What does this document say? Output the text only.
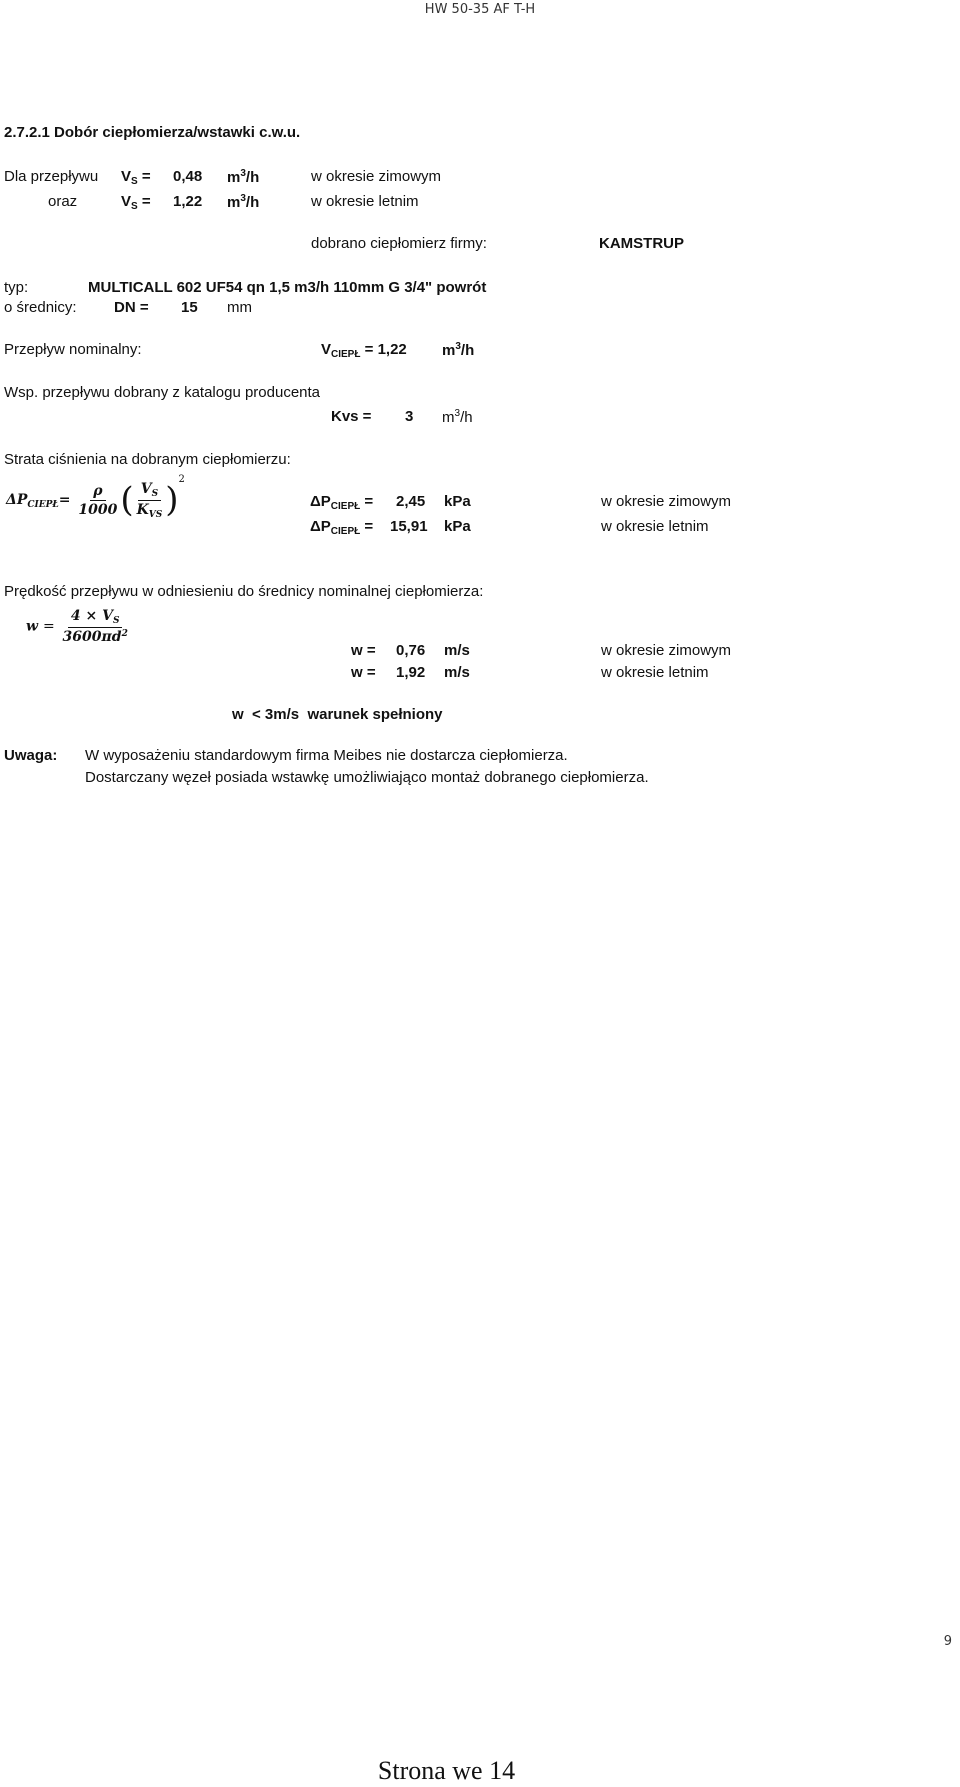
HW 50-35 AF T-H
2.7.2.1 Dobór ciepłomierza/wstawki c.w.u.
Dla przepływu $V_S = 0,48$ $m^3/h$	w okresie zimowym
oraz	$V_S = 1,22$ $m^3/h$	w okresie letnim
dobrano ciepłomierz firmy:	KAMSTRUP
typ:	MULTICALL 602 UF54 qn 1,5 m3/h 110mm G 3/4" powrót
o średnicy: DN = 15 mm
Przepływ nominalny:	$V_{CIEPŁ} = 1,22$ $m^3/h$
Wsp. przepływu dobrany z katalogu producenta
Kvs = 3 $m^3/h$
Strata ciśnienia na dobranym ciepłomierzu:
$\Delta P_{CIEPŁ}= \frac{\rho}{1000}$ ( $\frac{V_S}{K_{VS}} )^2$
$\Delta P_{CIEPŁ} = 2,45$ kPa	w okresie zimowym
$\Delta P_{CIEPŁ} = 15,91$ kPa	w okresie letnim
Prędkość przepływu w odniesieniu do średnicy nominalnej ciepłomierza:
$w = \frac{4 \times V_S}{3600\pi d^2}$
w = 0,76 m/s	w okresie zimowym
w = 1,92 m/s	w okresie letnim
w  < 3m/s  warunek spełniony
Uwaga: W wyposażeniu standardowym firma Meibes nie dostarcza ciepłomierza.
Dostarczany węzeł posiada wstawkę umożliwiająco montaż dobranego ciepłomierza.
9
Strona we 14
